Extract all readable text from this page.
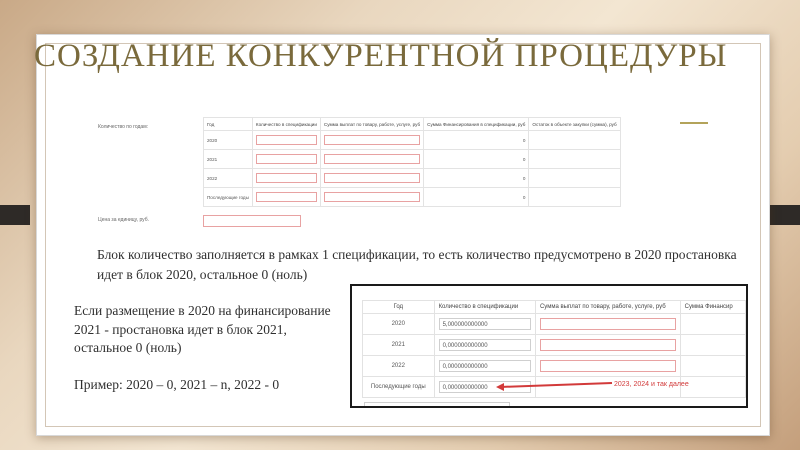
СОЗДАНИЕ КОНКУРЕНТНОЙ ПРОЦЕДУРЫ
Количество по годам:	Год	Количество в спецификации	Сумма выплат по товару, работе, услуге, руб	Сумма Финансирования в спецификации, руб	Остаток в объекте закупки (сумма), руб
2020			0	
2021			0	
2022			0	
Последующие годы			0	
Цена за единицу, руб.
Блок количество заполняется в рамках 1 спецификации, то есть количество предусмотрено в 2020 простановка идет в блок 2020, остальное 0 (ноль)
Если размещение в 2020 на финансирование 2021 - простановка идет в блок 2021, остальное 0 (ноль)
Пример: 2020 – 0, 2021 – n, 2022 - 0
Год	Количество в спецификации	Сумма выплат по товару, работе, услуге, руб	Сумма Финансир
2020	5,000000000000		

2021	0,000000000000		

2022	0,000000000000		

Последующие годы	0,000000000000		
			2023, 2024 и так далее
